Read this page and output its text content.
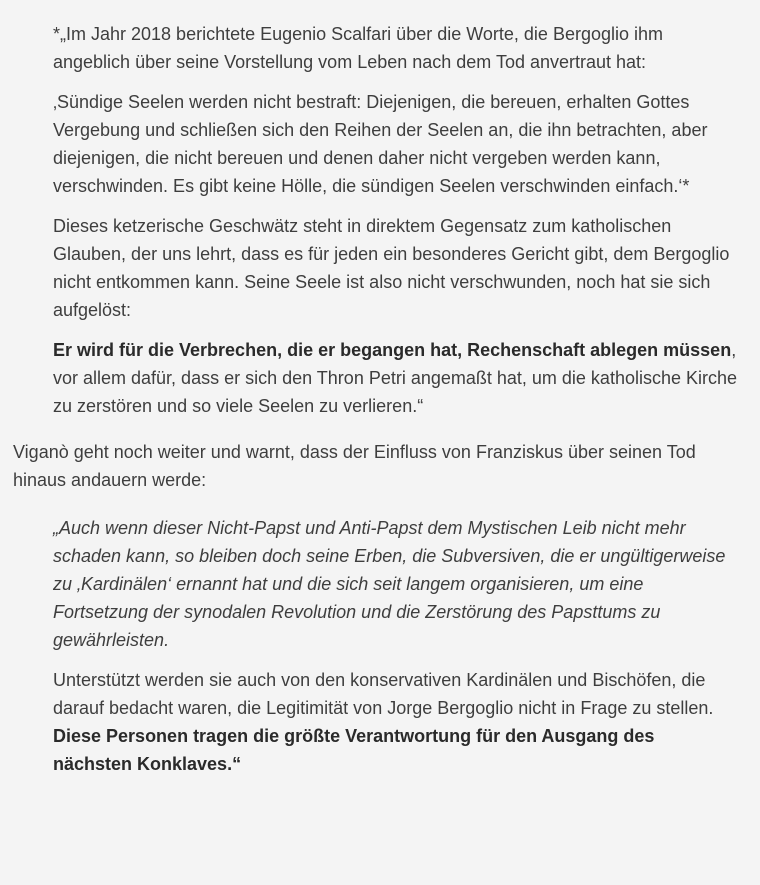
*„Im Jahr 2018 berichtete Eugenio Scalfari über die Worte, die Bergoglio ihm angeblich über seine Vorstellung vom Leben nach dem Tod anvertraut hat:

‚Sündige Seelen werden nicht bestraft: Diejenigen, die bereuen, erhalten Gottes Vergebung und schließen sich den Reihen der Seelen an, die ihn betrachten, aber diejenigen, die nicht bereuen und denen daher nicht vergeben werden kann, verschwinden. Es gibt keine Hölle, die sündigen Seelen verschwinden einfach.‘*

Dieses ketzerische Geschwätz steht in direktem Gegensatz zum katholischen Glauben, der uns lehrt, dass es für jeden ein besonderes Gericht gibt, dem Bergoglio nicht entkommen kann. Seine Seele ist also nicht verschwunden, noch hat sie sich aufgelöst:

Er wird für die Verbrechen, die er begangen hat, Rechenschaft ablegen müssen, vor allem dafür, dass er sich den Thron Petri angemaßt hat, um die katholische Kirche zu zerstören und so viele Seelen zu verlieren.“

Viganò geht noch weiter und warnt, dass der Einfluss von Franziskus über seinen Tod hinaus andauern werde:

„Auch wenn dieser Nicht-Papst und Anti-Papst dem Mystischen Leib nicht mehr schaden kann, so bleiben doch seine Erben, die Subversiven, die er ungültigerweise zu ‚Kardinälen‘ ernannt hat und die sich seit langem organisieren, um eine Fortsetzung der synodalen Revolution und die Zerstörung des Papsttums zu gewährleisten.

Unterstützt werden sie auch von den konservativen Kardinälen und Bischöfen, die darauf bedacht waren, die Legitimität von Jorge Bergoglio nicht in Frage zu stellen.
Diese Personen tragen die größte Verantwortung für den Ausgang des nächsten Konklaves.“
